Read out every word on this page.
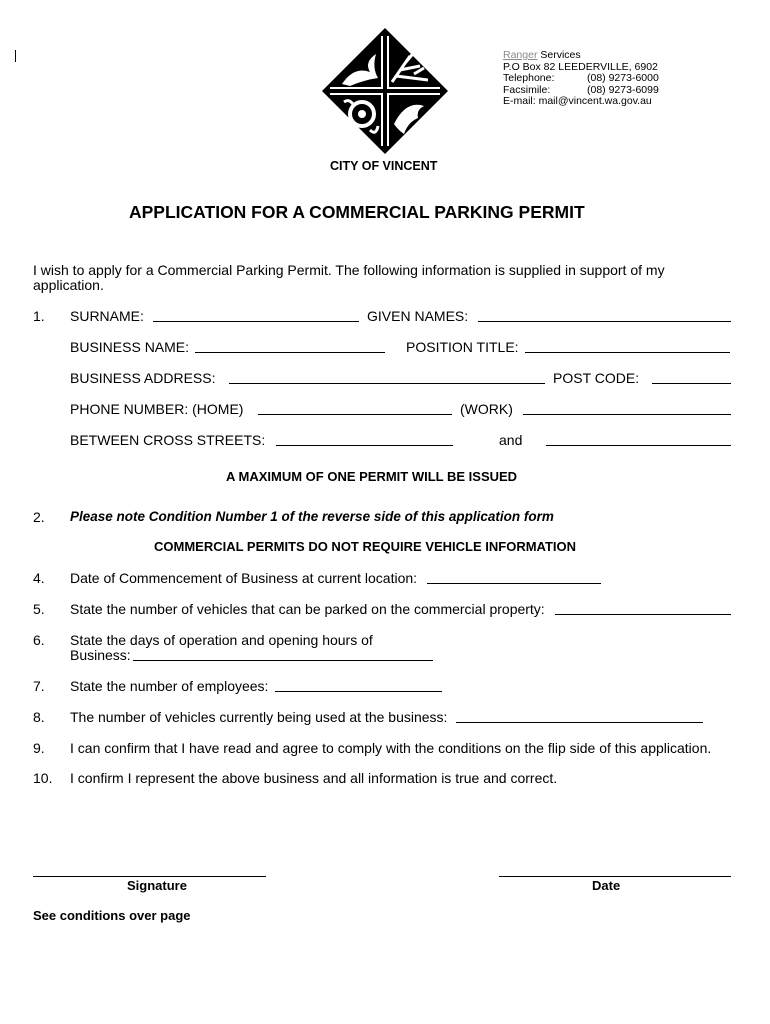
Ranger Services
P.O Box 82 LEEDERVILLE, 6902
Telephone:	(08) 9273-6000
Facsimile:	(08) 9273-6099
E-mail: mail@vincent.wa.gov.au
CITY OF VINCENT
APPLICATION FOR A COMMERCIAL PARKING PERMIT
I wish to apply for a Commercial Parking Permit. The following information is supplied in support of my
application.
1. SURNAME:	GIVEN NAMES:
BUSINESS NAME:	POSITION TITLE:
BUSINESS ADDRESS:	POST CODE:
PHONE NUMBER: (HOME)	(WORK)
BETWEEN CROSS STREETS:	and
A MAXIMUM OF ONE PERMIT WILL BE ISSUED
2. Please note Condition Number 1 of the reverse side of this application form
COMMERCIAL PERMITS DO NOT REQUIRE VEHICLE INFORMATION
4. Date of Commencement of Business at current location:
5. State the number of vehicles that can be parked on the commercial property:
6. State the days of operation and opening hours of
Business:
7. State the number of employees:
8. The number of vehicles currently being used at the business:
9. I can confirm that I have read and agree to comply with the conditions on the flip side of this application.
10. I confirm I represent the above business and all information is true and correct.
Signature	Date
See conditions over page
